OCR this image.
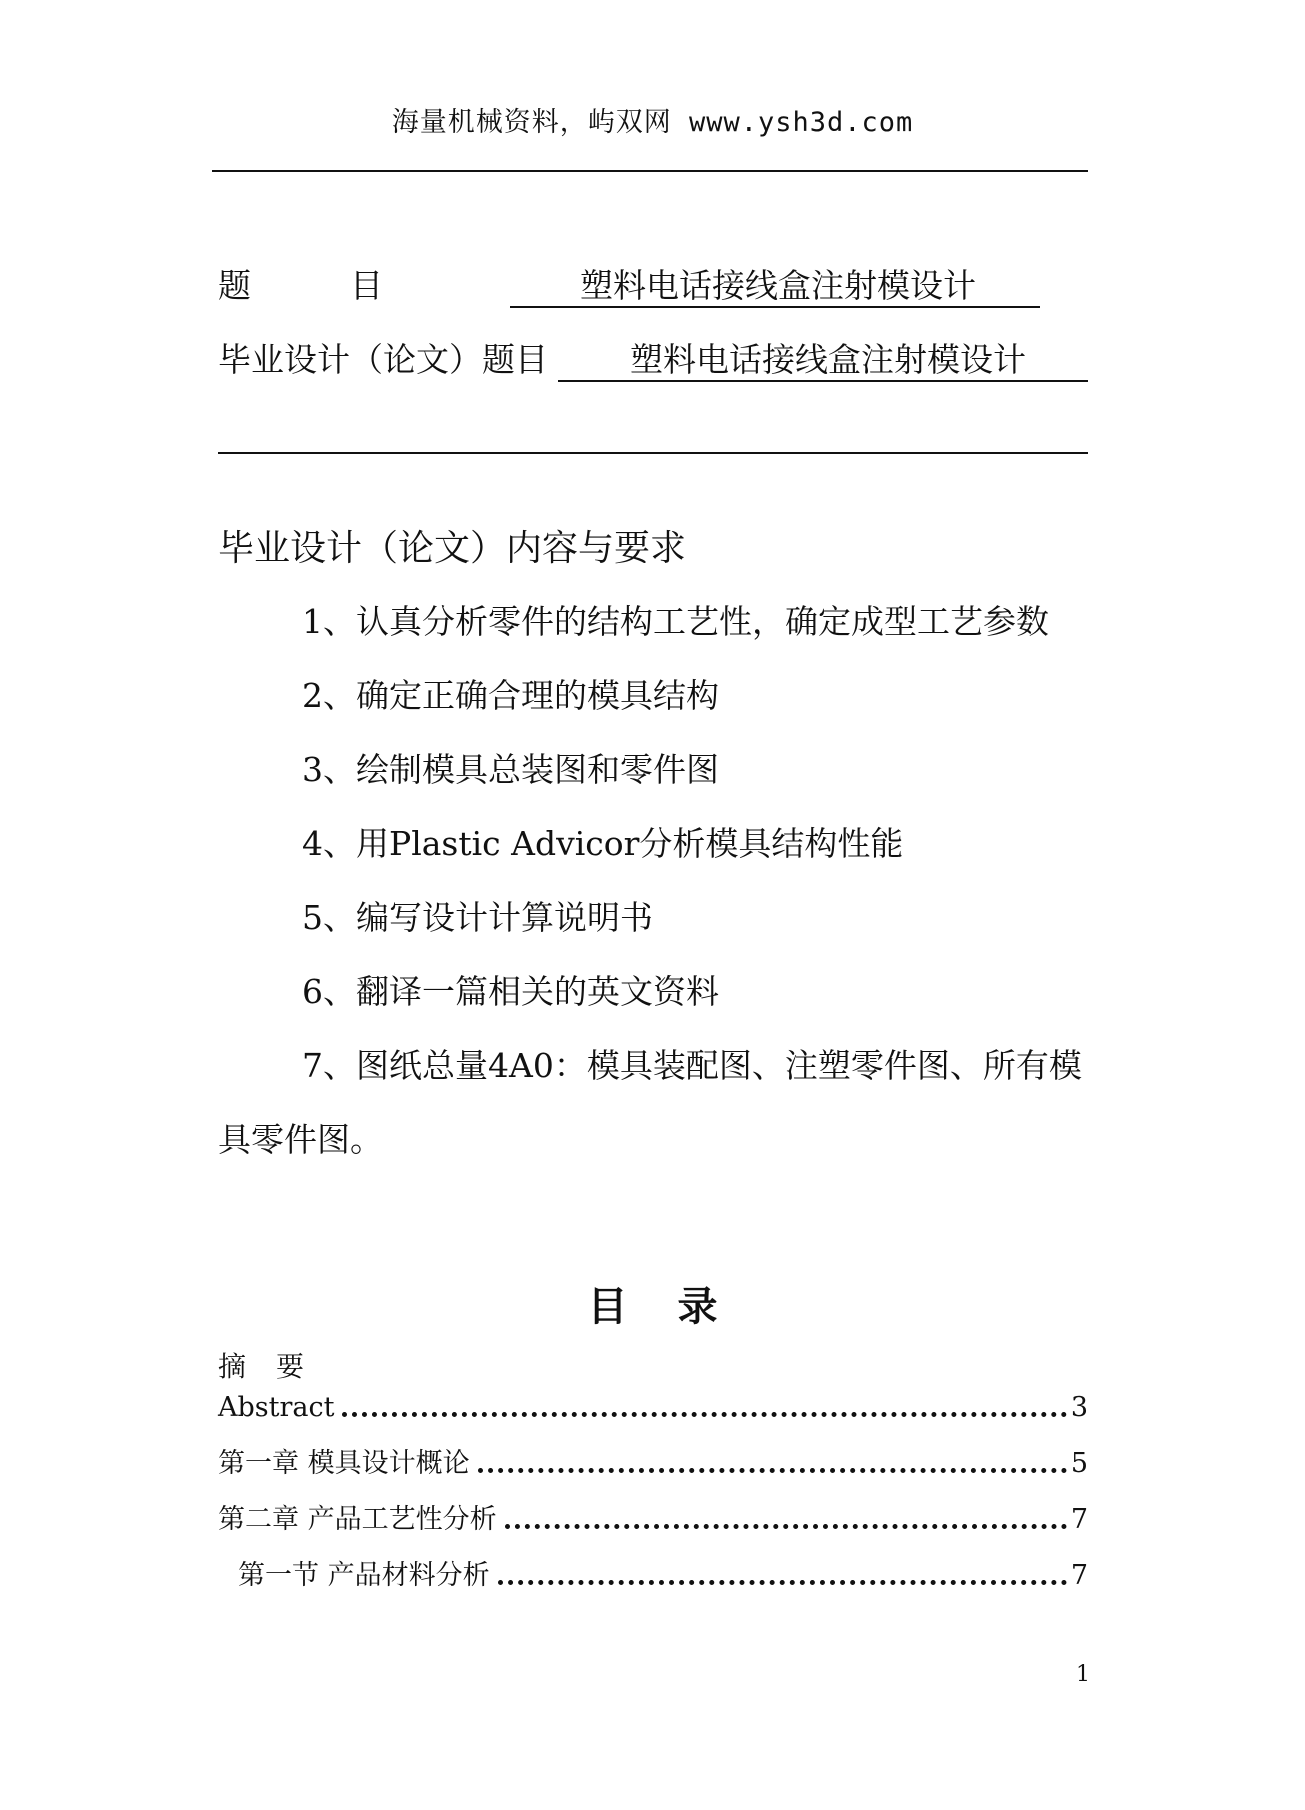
海量机械资料，屿双网 www.ysh3d.com
题　　　目	塑料电话接线盒注射模设计
毕业设计（论文）题目 塑料电话接线盒注射模设计
毕业设计（论文）内容与要求
1、认真分析零件的结构工艺性，确定成型工艺参数
2、确定正确合理的模具结构
3、绘制模具总装图和零件图
4、用Plastic Advicor分析模具结构性能
5、编写设计计算说明书
6、翻译一篇相关的英文资料
7、图纸总量4A0：模具装配图、注塑零件图、所有模
具零件图。
目录
摘要
Abstract	3
第一章 模具设计概论	5
第二章 产品工艺性分析	7
第一节 产品材料分析	7
1
